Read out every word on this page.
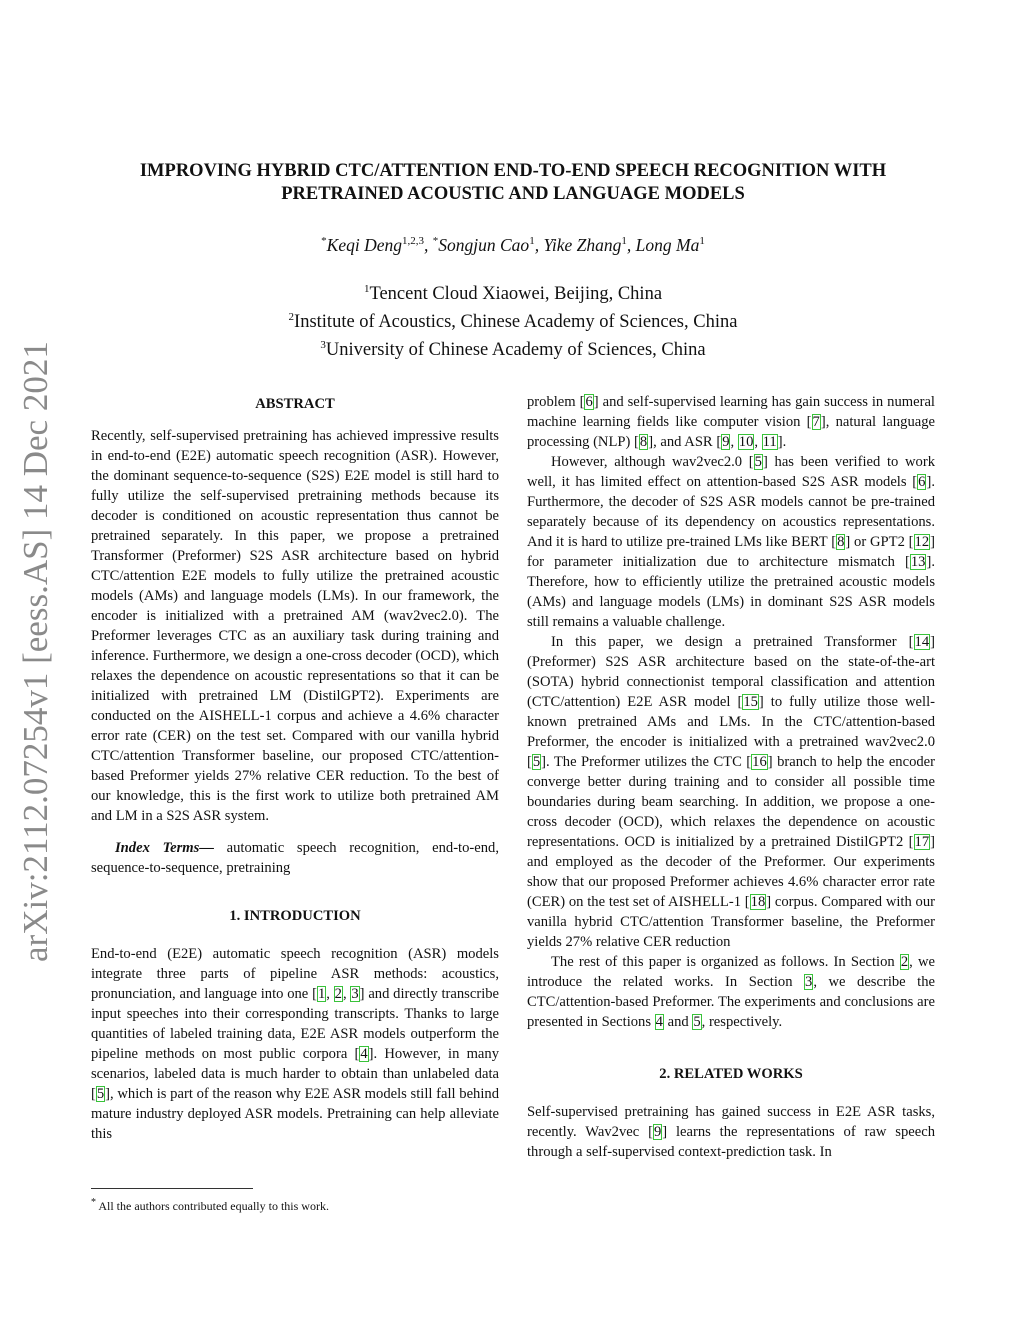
arXiv:2112.07254v1 [eess.AS] 14 Dec 2021
IMPROVING HYBRID CTC/ATTENTION END-TO-END SPEECH RECOGNITION WITH
PRETRAINED ACOUSTIC AND LANGUAGE MODELS
*Keqi Deng$^{1,2,3}$, *Songjun Cao$^1$, Yike Zhang$^1$, Long Ma$^1$
$^1$Tencent Cloud Xiaowei, Beijing, China
$^2$Institute of Acoustics, Chinese Academy of Sciences, China
$^3$University of Chinese Academy of Sciences, China
ABSTRACT

Recently, self-supervised pretraining has achieved impressive results in end-to-end (E2E) automatic speech recognition (ASR). However, the dominant sequence-to-sequence (S2S) E2E model is still hard to fully utilize the self-supervised pretraining methods because its decoder is conditioned on acoustic representation thus cannot be pretrained separately. In this paper, we propose a pretrained Transformer (Preformer) S2S ASR architecture based on hybrid CTC/attention E2E models to fully utilize the pretrained acoustic models (AMs) and language models (LMs). In our framework, the encoder is initialized with a pretrained AM (wav2vec2.0). The Preformer leverages CTC as an auxiliary task during training and inference. Furthermore, we design a one-cross decoder (OCD), which relaxes the dependence on acoustic representations so that it can be initialized with pretrained LM (DistilGPT2). Experiments are conducted on the AISHELL-1 corpus and achieve a 4.6% character error rate (CER) on the test set. Compared with our vanilla hybrid CTC/attention Transformer baseline, our proposed CTC/attention-based Preformer yields 27% relative CER reduction. To the best of our knowledge, this is the first work to utilize both pretrained AM and LM in a S2S ASR system.

Index Terms— automatic speech recognition, end-to-end, sequence-to-sequence, pretraining

1. INTRODUCTION

End-to-end (E2E) automatic speech recognition (ASR) models integrate three parts of pipeline ASR methods: acoustics, pronunciation, and language into one [1, 2, 3] and directly transcribe input speeches into their corresponding transcripts. Thanks to large quantities of labeled training data, E2E ASR models outperform the pipeline methods on most public corpora [4]. However, in many scenarios, labeled data is much harder to obtain than unlabeled data [5], which is part of the reason why E2E ASR models still fall behind mature industry deployed ASR models. Pretraining can help alleviate this

problem [6] and self-supervised learning has gain success in numeral machine learning fields like computer vision [7], natural language processing (NLP) [8], and ASR [9, 10, 11].

However, although wav2vec2.0 [5] has been verified to work well, it has limited effect on attention-based S2S ASR models [6]. Furthermore, the decoder of S2S ASR models cannot be pre-trained separately because of its dependency on acoustics representations. And it is hard to utilize pre-trained LMs like BERT [8] or GPT2 [12] for parameter initialization due to architecture mismatch [13]. Therefore, how to efficiently utilize the pretrained acoustic models (AMs) and language models (LMs) in dominant S2S ASR models still remains a valuable challenge.

In this paper, we design a pretrained Transformer [14] (Preformer) S2S ASR architecture based on the state-of-the-art (SOTA) hybrid connectionist temporal classification and attention (CTC/attention) E2E ASR model [15] to fully utilize those well-known pretrained AMs and LMs. In the CTC/attention-based Preformer, the encoder is initialized with a pretrained wav2vec2.0 [5]. The Preformer utilizes the CTC [16] branch to help the encoder converge better during training and to consider all possible time boundaries during beam searching. In addition, we propose a one-cross decoder (OCD), which relaxes the dependence on acoustic representations. OCD is initialized by a pretrained DistilGPT2 [17] and employed as the decoder of the Preformer. Our experiments show that our proposed Preformer achieves 4.6% character error rate (CER) on the test set of AISHELL-1 [18] corpus. Compared with our vanilla hybrid CTC/attention Transformer baseline, the Preformer yields 27% relative CER reduction

The rest of this paper is organized as follows. In Section 2, we introduce the related works. In Section 3, we describe the CTC/attention-based Preformer. The experiments and conclusions are presented in Sections 4 and 5, respectively.

2. RELATED WORKS

Self-supervised pretraining has gained success in E2E ASR tasks, recently. Wav2vec [9] learns the representations of raw speech through a self-supervised context-prediction task. In

* All the authors contributed equally to this work.
